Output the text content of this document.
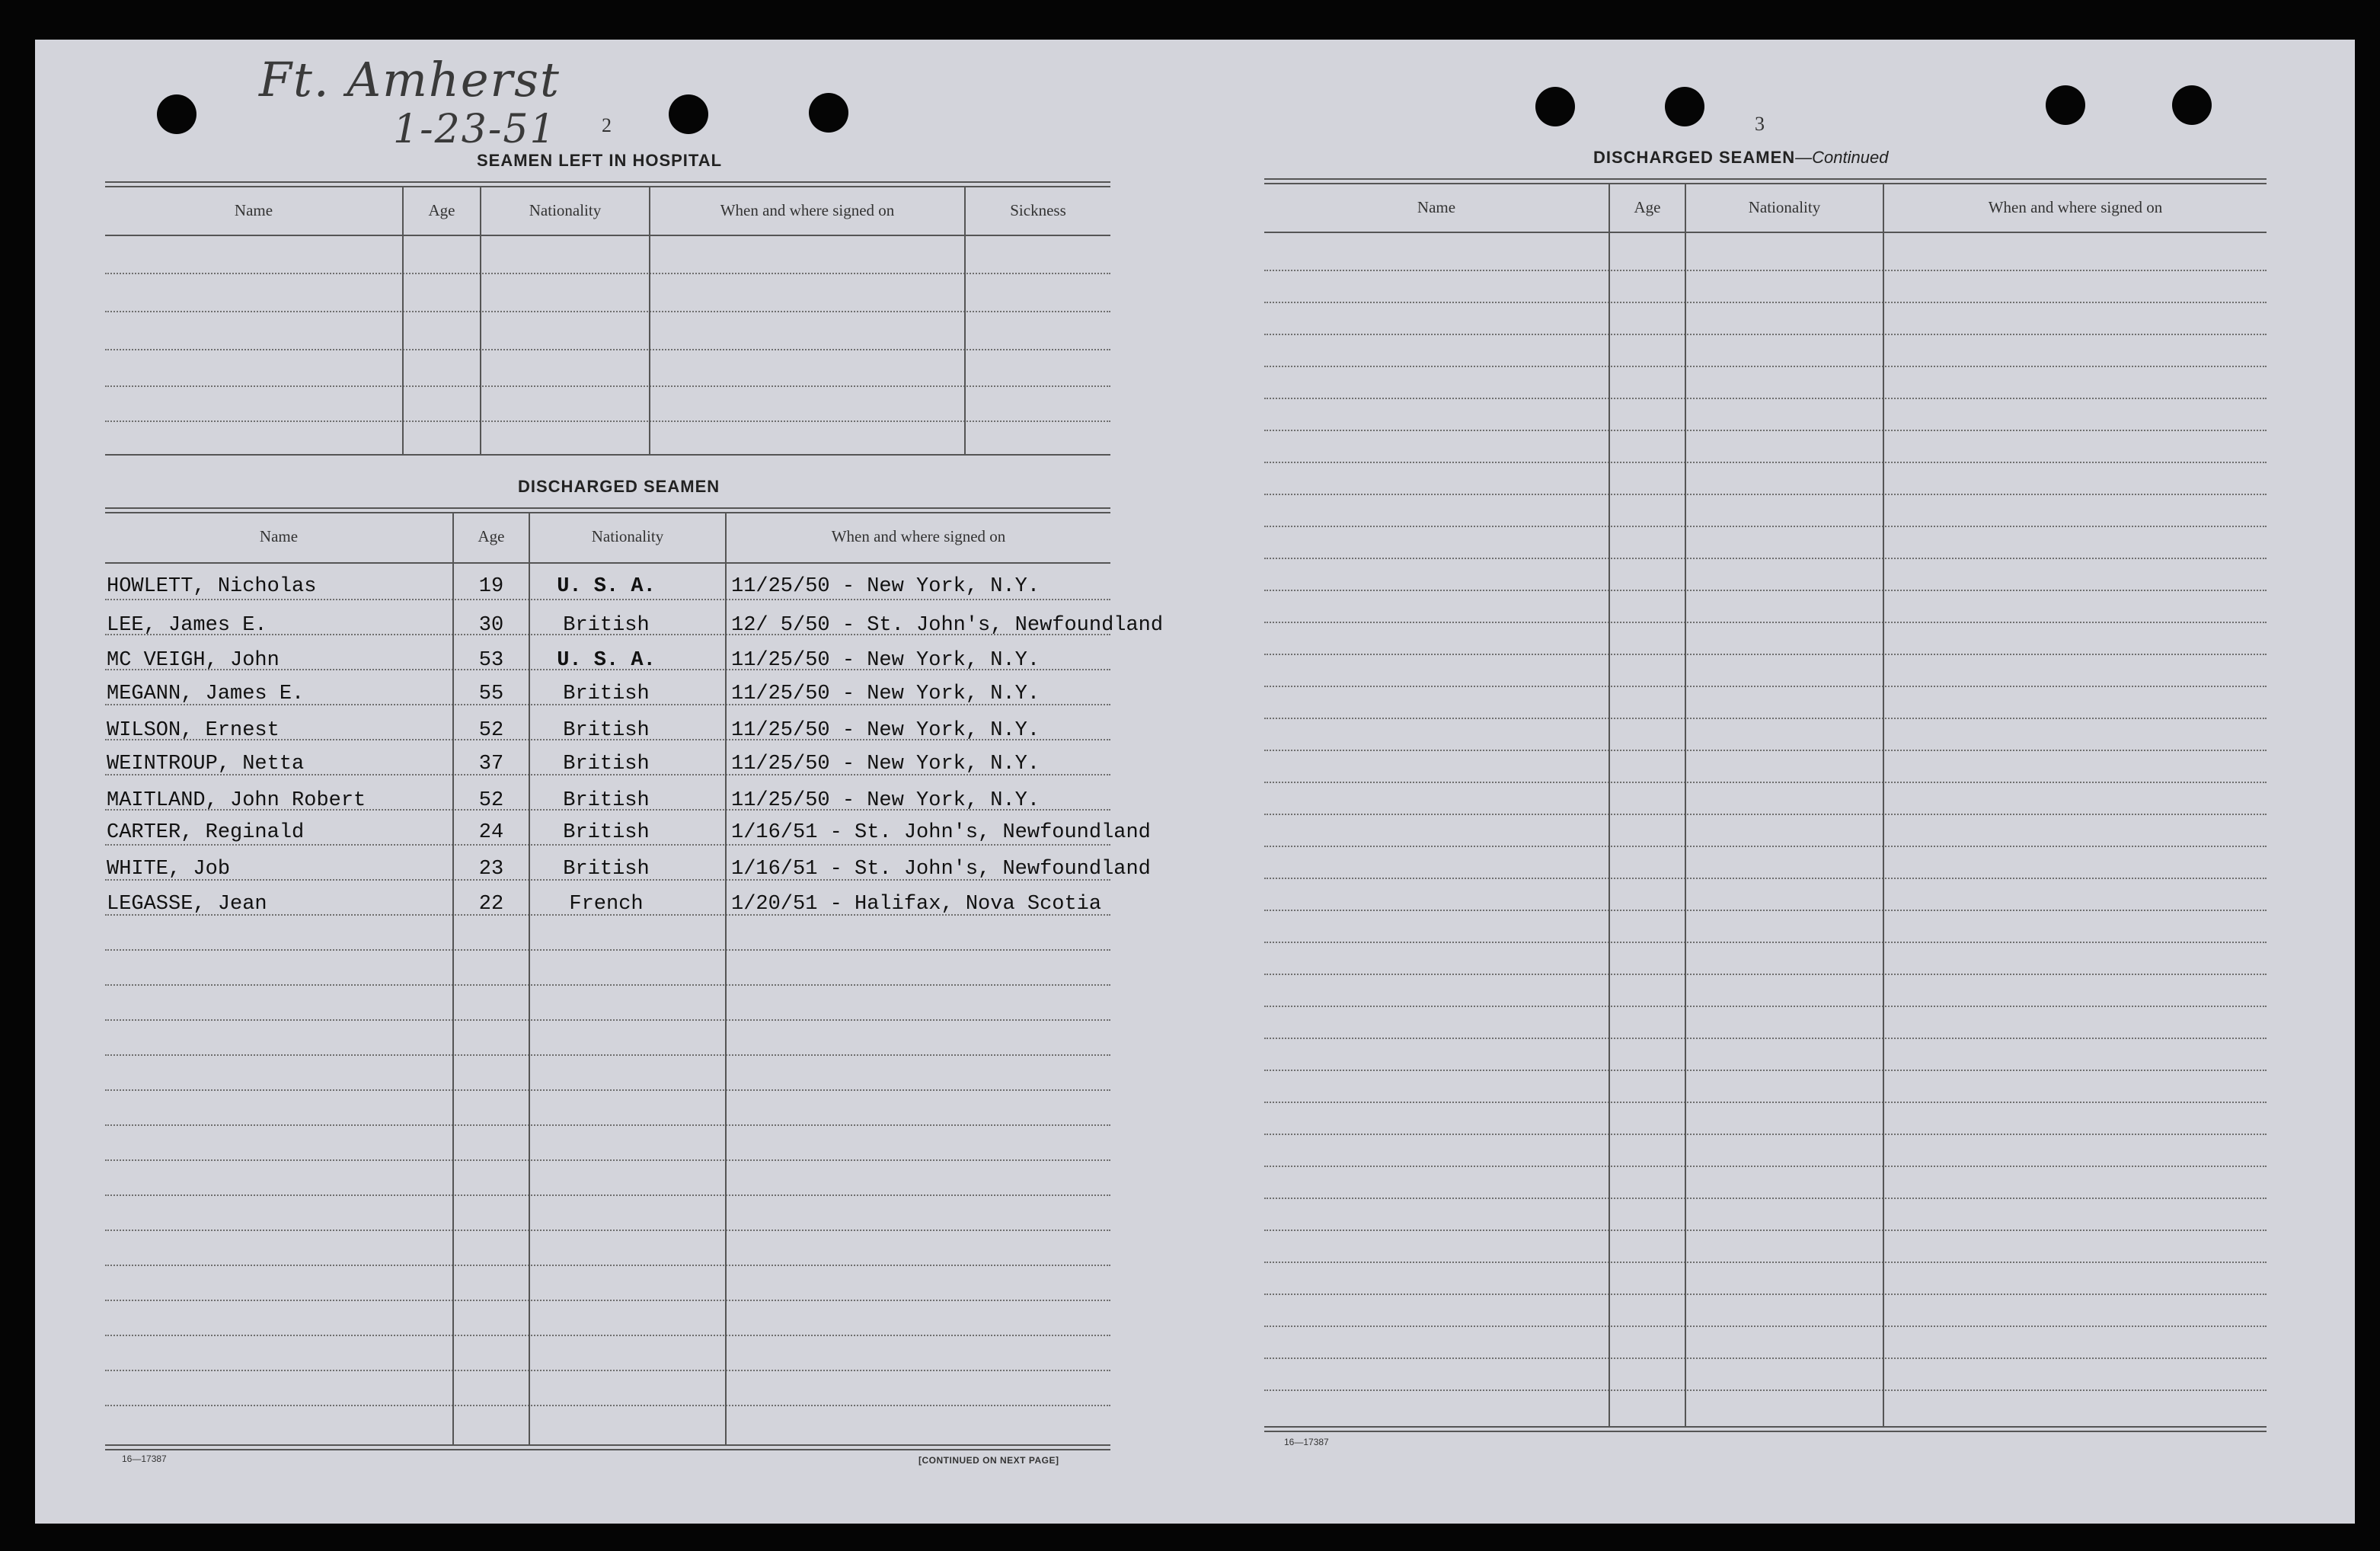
Ft. Amherst
1-23-51 2
SEAMEN LEFT IN HOSPITAL
Name	Age	Nationality	When and where signed on	Sickness
DISCHARGED SEAMEN
Name	Age	Nationality	When and where signed on
HOWLETT, Nicholas	19	U. S. A.	11/25/50 - New York, N.Y.
LEE, James E.	30	British	12/ 5/50 - St. John's, Newfoundland
MC VEIGH, John	53	U. S. A.	11/25/50 - New York, N.Y.
MEGANN, James E.	55	British	11/25/50 - New York, N.Y.
WILSON, Ernest	52	British	11/25/50 - New York, N.Y.
WEINTROUP, Netta	37	British	11/25/50 - New York, N.Y.
MAITLAND, John Robert	52	British	11/25/50 - New York, N.Y.
CARTER, Reginald	24	British	1/16/51 - St. John's, Newfoundland
WHITE, Job	23	British	1/16/51 - St. John's, Newfoundland
LEGASSE, Jean	22	French	1/20/51 - Halifax, Nova Scotia
16—17387	[CONTINUED ON NEXT PAGE]
3
DISCHARGED SEAMEN—Continued
Name	Age	Nationality	When and where signed on
16—17387
